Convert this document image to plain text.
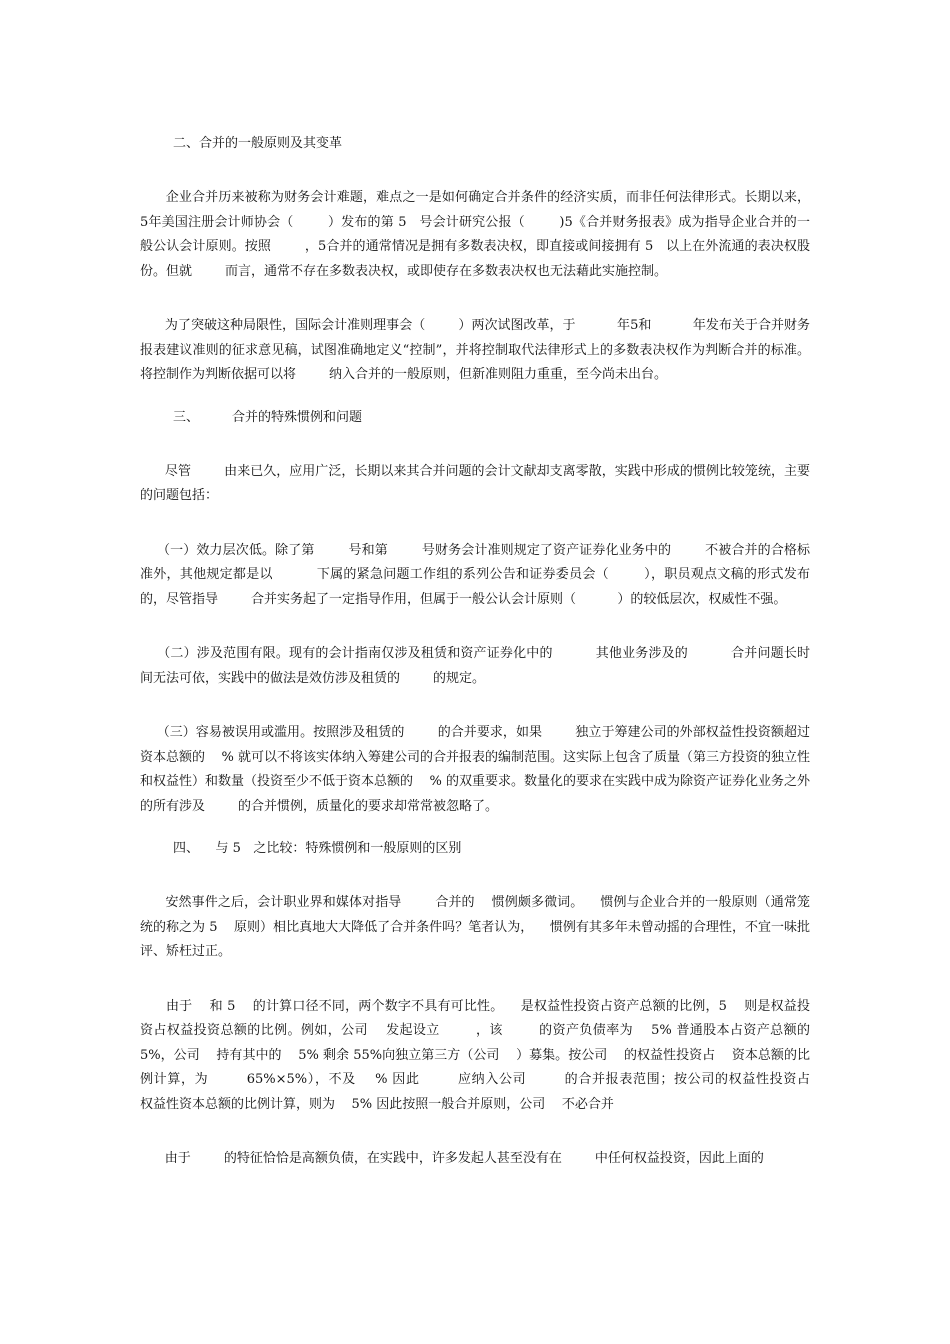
二、合并的一般原则及其变革

企业合并历来被称为财务会计难题，难点之一是如何确定合并条件的经济实质，而非任何法律形式。长期以来，        5年美国注册会计师协会（        ）发布的第 5   号会计研究公报（        )5《合并财务报表》成为指导企业合并的一般公认会计原则。按照        ，5合并的通常情况是拥有多数表决权，即直接或间接拥有 5   以上在外流通的表决权股份。但就        而言，通常不存在多数表决权，或即使存在多数表决权也无法藉此实施控制。

为了突破这种局限性，国际会计准则理事会（        ）两次试图改革，于          年5和          年发布关于合并财务报表建议准则的征求意见稿，试图准确地定义“控制”，并将控制取代法律形式上的多数表决权作为判断合并的标准。将控制作为判断依据可以将        纳入合并的一般原则，但新准则阻力重重，至今尚未出台。

三、        合并的特殊惯例和问题

尽管        由来已久，应用广泛，长期以来其合并问题的会计文献却支离零散，实践中形成的惯例比较笼统，主要的问题包括：

（一）效力层次低。除了第        号和第        号财务会计准则规定了资产证券化业务中的        不被合并的合格标准外，其他规定都是以          下属的紧急问题工作组的系列公告和证券委员会（        ），职员观点文稿的形式发布的，尽管指导        合并实务起了一定指导作用，但属于一般公认会计原则（          ）的较低层次，权威性不强。

（二）涉及范围有限。现有的会计指南仅涉及租赁和资产证券化中的          其他业务涉及的          合并问题长时间无法可依，实践中的做法是效仿涉及租赁的        的规定。

（三）容易被误用或滥用。按照涉及租赁的        的合并要求，如果        独立于筹建公司的外部权益性投资额超过        资本总额的    % 就可以不将该实体纳入筹建公司的合并报表的编制范围。这实际上包含了质量（第三方投资的独立性和权益性）和数量（投资至少不低于资本总额的    % 的双重要求。数量化的要求在实践中成为除资产证券化业务之外的所有涉及        的合并惯例，质量化的要求却常常被忽略了。

四、    与 5   之比较：特殊惯例和一般原则的区别

安然事件之后，会计职业界和媒体对指导        合并的    惯例颇多微词。    惯例与企业合并的一般原则（通常笼统的称之为 5    原则）相比真地大大降低了合并条件吗？笔者认为，    惯例有其多年未曾动摇的合理性，不宜一味批评、矫枉过正。

由于    和 5    的计算口径不同，两个数字不具有可比性。    是权益性投资占资产总额的比例，5    则是权益投资占权益投资总额的比例。例如，公司    发起设立        ，该        的资产负债率为    5% 普通股本占资产总额的 5%，公司    持有其中的    5% 剩余 55%向独立第三方（公司    ）募集。按公司    的权益性投资占    资本总额的比例计算，为        65%×5%），不及    % 因此        应纳入公司        的合并报表范围；按公司的权益性投资占        权益性资本总额的比例计算，则为    5% 因此按照一般合并原则，公司    不必合并

由于        的特征恰恰是高额负债，在实践中，许多发起人甚至没有在        中任何权益投资，因此上面的
